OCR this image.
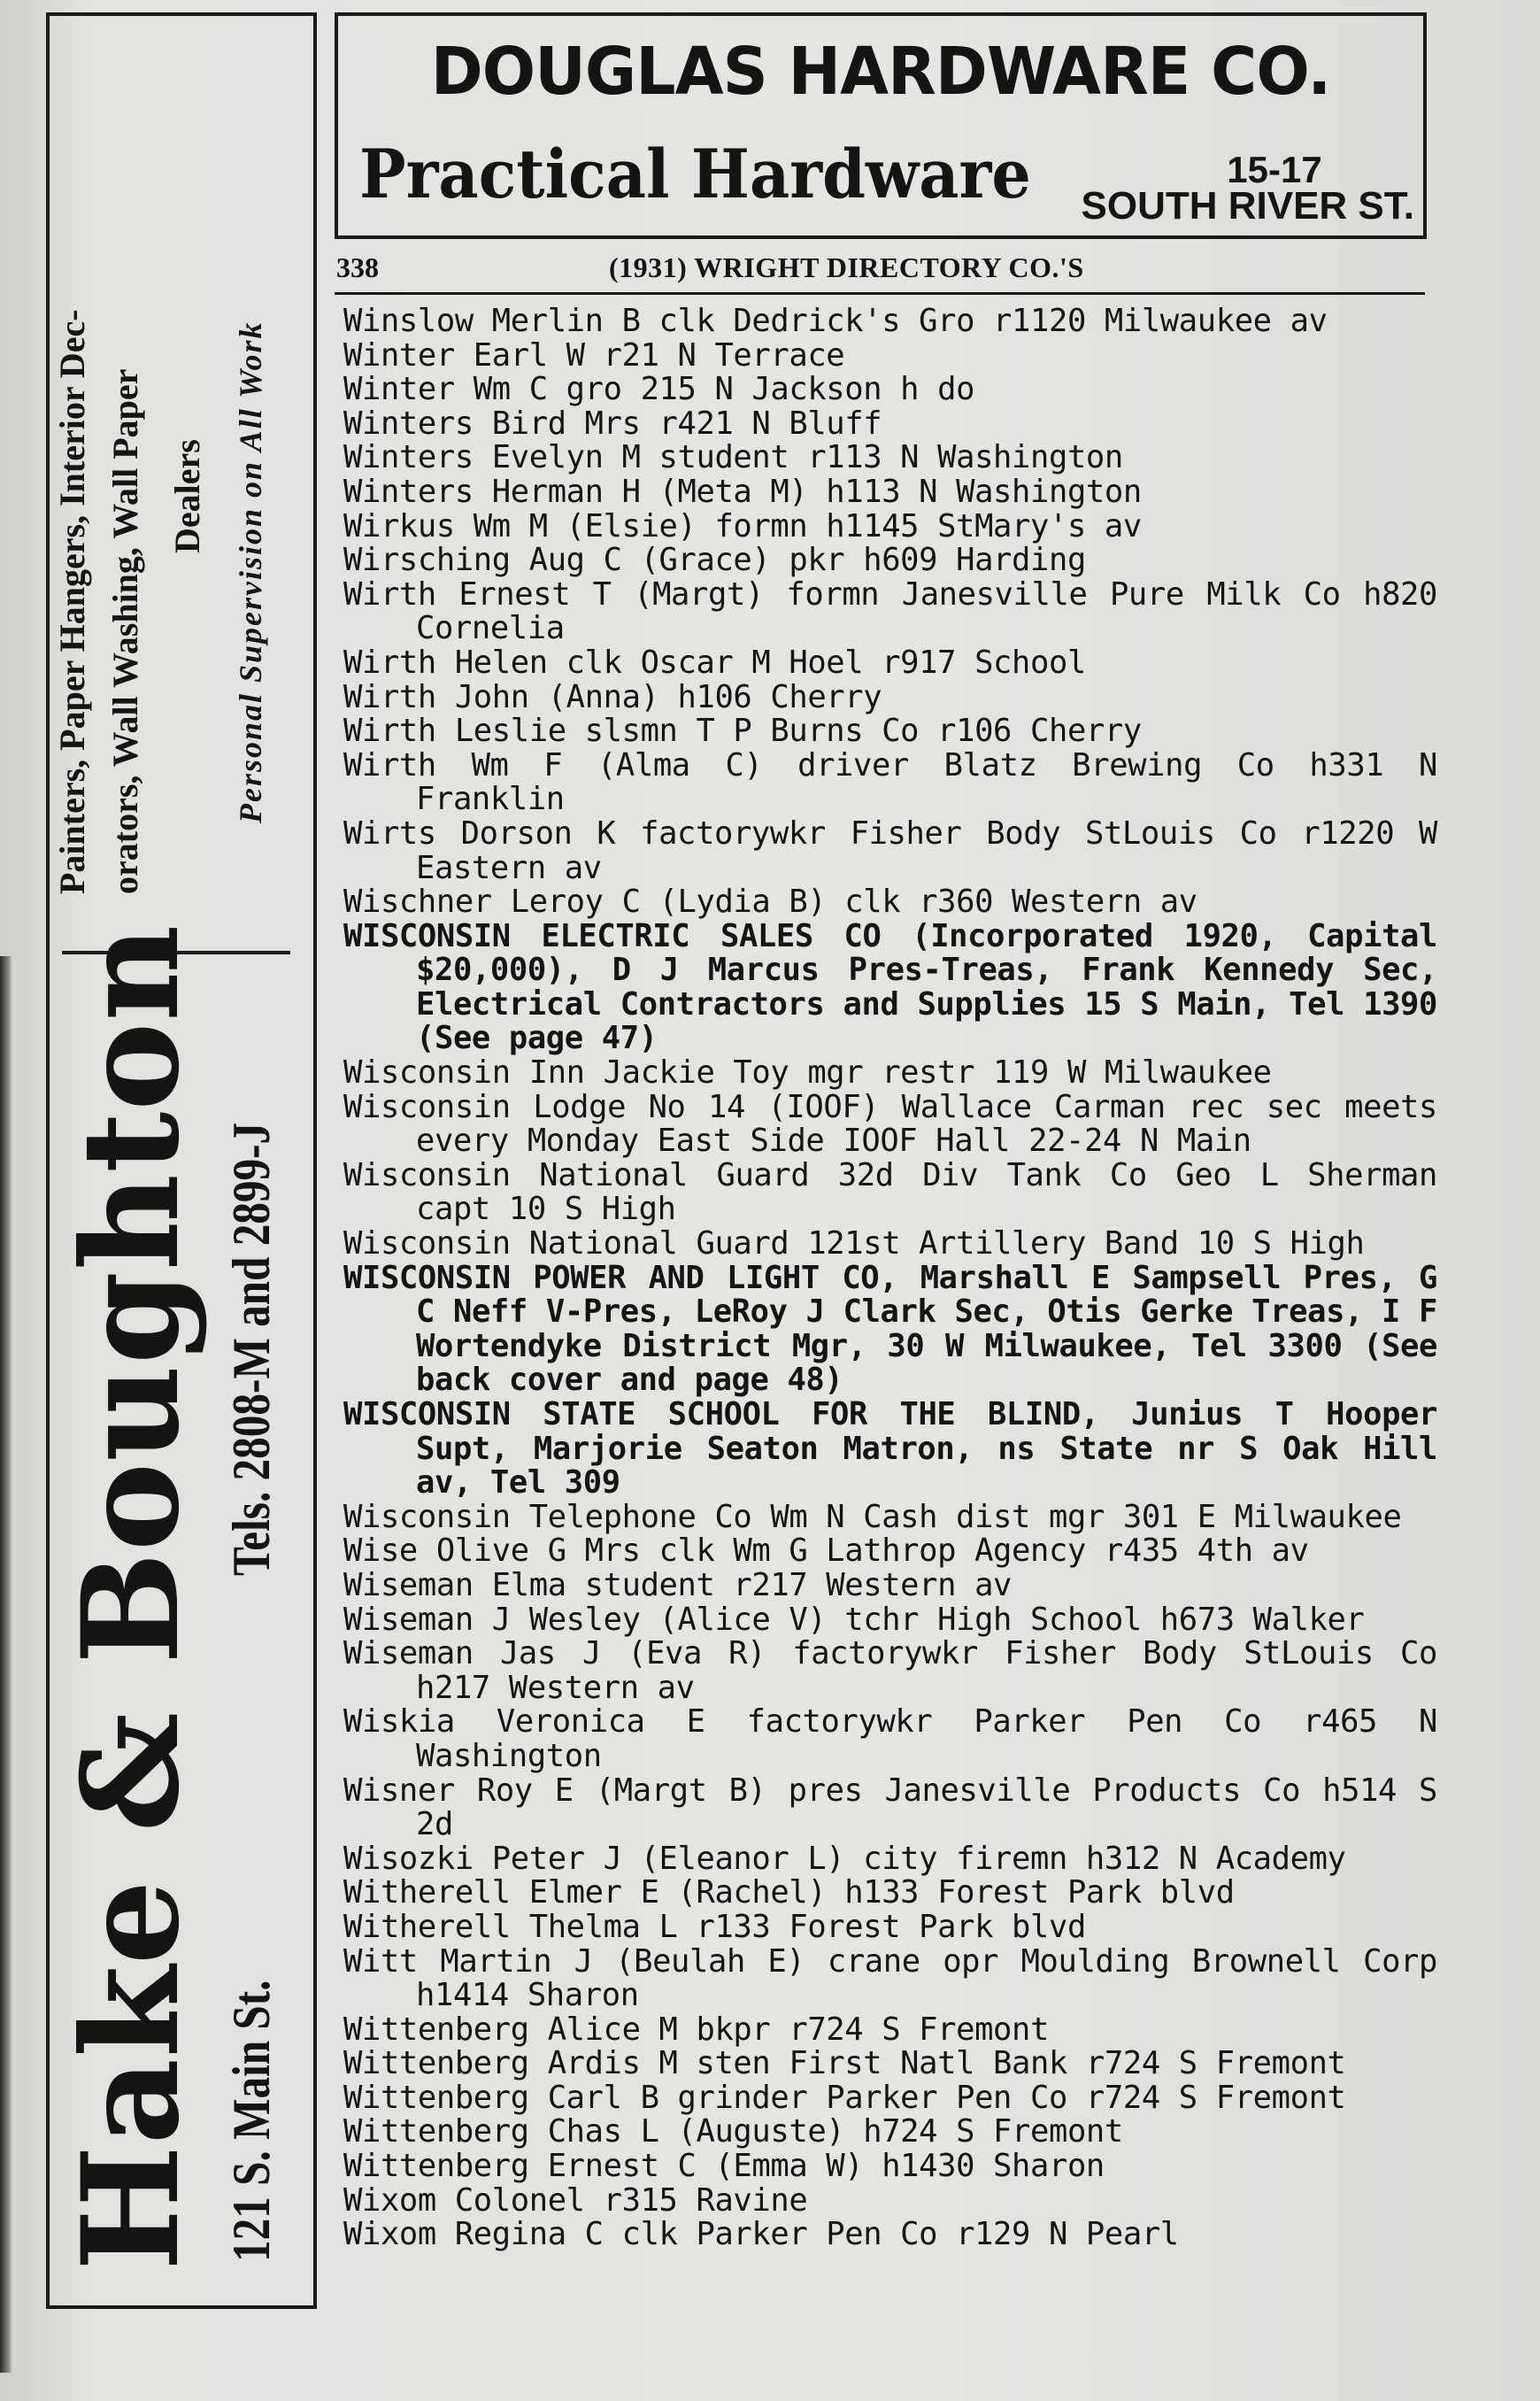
Painters, Paper Hangers, Interior Dec- orators, Wall Washing, Wall Paper Dealers Personal Supervision on All Work
Hake & Boughton Tels. 2808-M and 2899-J
121 S. Main St.
DOUGLAS HARDWARE CO.
Practical Hardware	15-17
SOUTH RIVER ST.
338	(1931) WRIGHT DIRECTORY CO.'S

Winslow Merlin B clk Dedrick's Gro r1120 Milwaukee av

Winter Earl W r21 N Terrace

Winter Wm C gro 215 N Jackson h do

Winters Bird Mrs r421 N Bluff

Winters Evelyn M student r113 N Washington

Winters Herman H (Meta M) h113 N Washington

Wirkus Wm M (Elsie) formn h1145 StMary's av

Wirsching Aug C (Grace) pkr h609 Harding

Wirth Ernest T (Margt) formn Janesville Pure Milk Co h820 Cornelia

Wirth Helen clk Oscar M Hoel r917 School

Wirth John (Anna) h106 Cherry

Wirth Leslie slsmn T P Burns Co r106 Cherry

Wirth Wm F (Alma C) driver Blatz Brewing Co h331 N Franklin

Wirts Dorson K factorywkr Fisher Body StLouis Co r1220 W Eastern av

Wischner Leroy C (Lydia B) clk r360 Western av

WISCONSIN ELECTRIC SALES CO (Incorporated 1920, Capital $20,000), D J Marcus Pres-Treas, Frank Kennedy Sec, Electrical Contractors and Supplies 15 S Main, Tel 1390 (See page 47)

Wisconsin Inn Jackie Toy mgr restr 119 W Milwaukee

Wisconsin Lodge No 14 (IOOF) Wallace Carman rec sec meets every Monday East Side IOOF Hall 22-24 N Main

Wisconsin National Guard 32d Div Tank Co Geo L Sherman capt 10 S High

Wisconsin National Guard 121st Artillery Band 10 S High

WISCONSIN POWER AND LIGHT CO, Marshall E Sampsell Pres, G C Neff V-Pres, LeRoy J Clark Sec, Otis Gerke Treas, I F Wortendyke District Mgr, 30 W Milwaukee, Tel 3300 (See back cover and page 48)

WISCONSIN STATE SCHOOL FOR THE BLIND, Junius T Hooper Supt, Marjorie Seaton Matron, ns State nr S Oak Hill av, Tel 309

Wisconsin Telephone Co Wm N Cash dist mgr 301 E Milwaukee

Wise Olive G Mrs clk Wm G Lathrop Agency r435 4th av

Wiseman Elma student r217 Western av

Wiseman J Wesley (Alice V) tchr High School h673 Walker

Wiseman Jas J (Eva R) factorywkr Fisher Body StLouis Co h217 Western av

Wiskia Veronica E factorywkr Parker Pen Co r465 N Washington

Wisner Roy E (Margt B) pres Janesville Products Co h514 S 2d

Wisozki Peter J (Eleanor L) city firemn h312 N Academy

Witherell Elmer E (Rachel) h133 Forest Park blvd

Witherell Thelma L r133 Forest Park blvd

Witt Martin J (Beulah E) crane opr Moulding Brownell Corp h1414 Sharon

Wittenberg Alice M bkpr r724 S Fremont

Wittenberg Ardis M sten First Natl Bank r724 S Fremont

Wittenberg Carl B grinder Parker Pen Co r724 S Fremont

Wittenberg Chas L (Auguste) h724 S Fremont

Wittenberg Ernest C (Emma W) h1430 Sharon

Wixom Colonel r315 Ravine

Wixom Regina C clk Parker Pen Co r129 N Pearl
